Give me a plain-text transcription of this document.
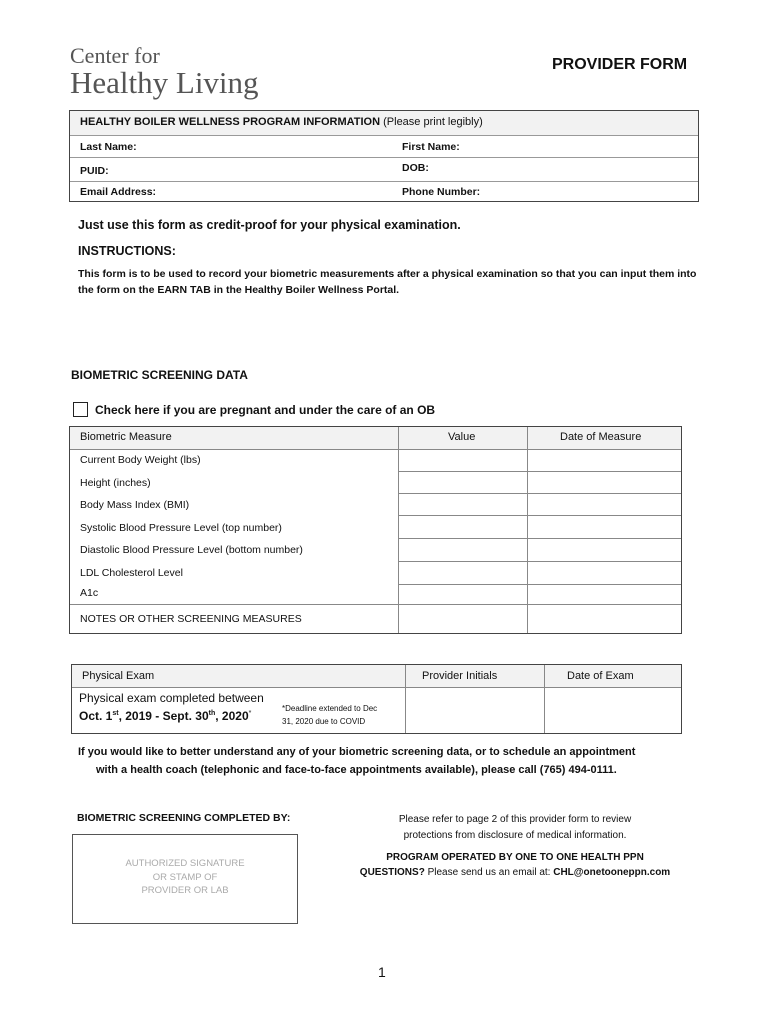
Center for
Healthy Living
PROVIDER FORM
HEALTHY BOILER WELLNESS PROGRAM INFORMATION (Please print legibly)
Last Name:	First Name:
PUID:	DOB:
Email Address:	Phone Number:
Just use this form as credit-proof for your physical examination.
INSTRUCTIONS:
This form is to be used to record your biometric measurements after a physical examination so that you can input them into the form on the EARN TAB in the Healthy Boiler Wellness Portal.
BIOMETRIC SCREENING DATA
Check here if you are pregnant and under the care of an OB
Biometric Measure	Value	Date of Measure
Current Body Weight (lbs)
Height (inches)
Body Mass Index (BMI)
Systolic Blood Pressure Level (top number)
Diastolic Blood Pressure Level (bottom number)
LDL Cholesterol Level
A1c
NOTES OR OTHER SCREENING MEASURES
Physical Exam	Provider Initials	Date of Exam
Physical exam completed between
Oct. 1st, 2019 - Sept. 30th, 2020*
*Deadline extended to Dec
31, 2020 due to COVID
If you would like to better understand any of your biometric screening data, or to schedule an appointment
with a health coach (telephonic and face-to-face appointments available), please call (765) 494-0111.
BIOMETRIC SCREENING COMPLETED BY:	Please refer to page 2 of this provider form to review
protections from disclosure of medical information.
AUTHORIZED SIGNATURE
OR STAMP OF
PROVIDER OR LAB
PROGRAM OPERATED BY ONE TO ONE HEALTH PPN
QUESTIONS? Please send us an email at: CHL@onetooneppn.com
1
